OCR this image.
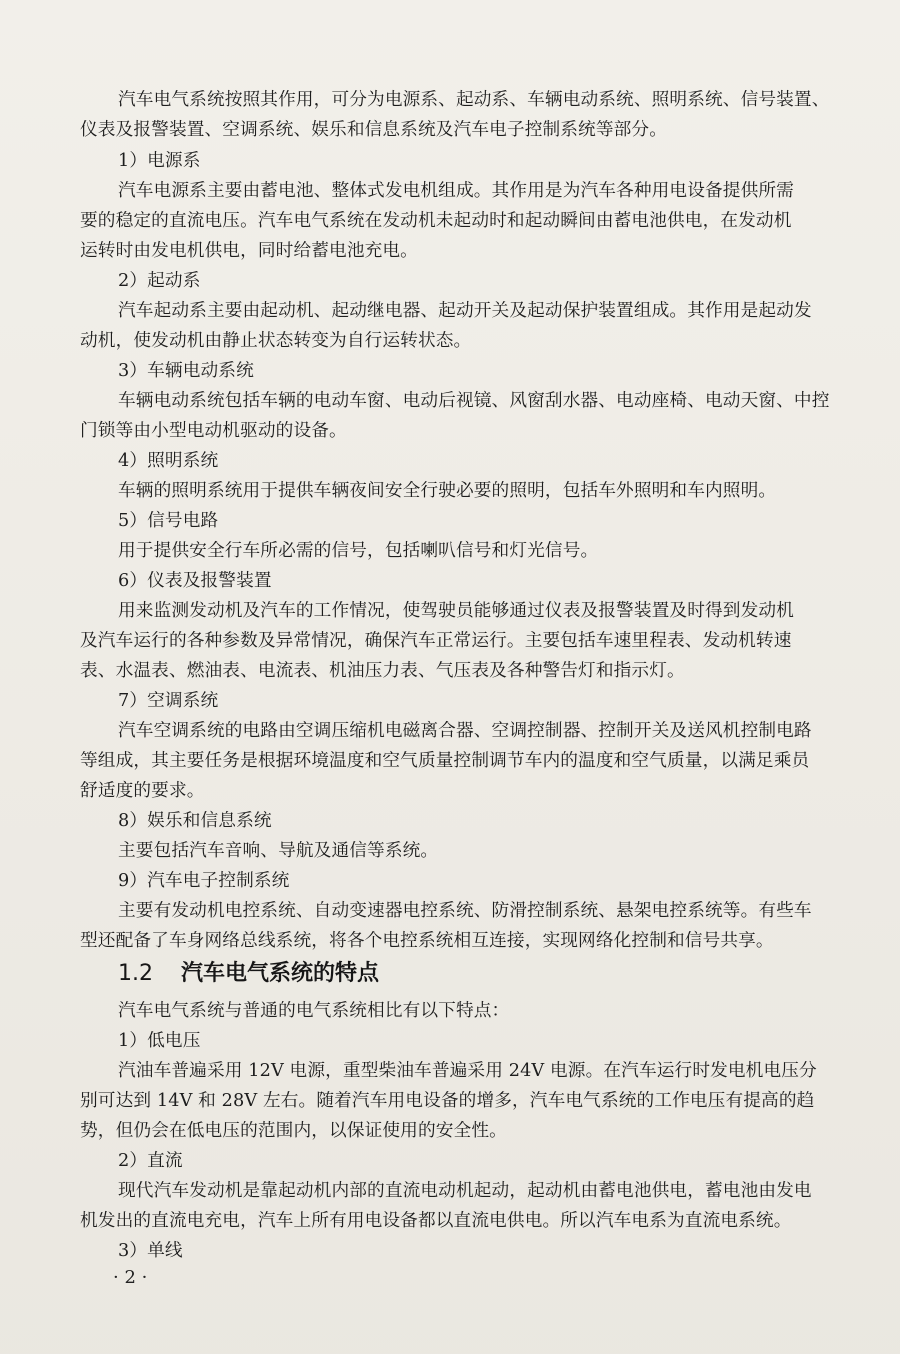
汽车电气系统按照其作用，可分为电源系、起动系、车辆电动系统、照明系统、信号装置、
仪表及报警装置、空调系统、娱乐和信息系统及汽车电子控制系统等部分。
1）电源系
汽车电源系主要由蓄电池、整体式发电机组成。其作用是为汽车各种用电设备提供所需
要的稳定的直流电压。汽车电气系统在发动机未起动时和起动瞬间由蓄电池供电，在发动机
运转时由发电机供电，同时给蓄电池充电。
2）起动系
汽车起动系主要由起动机、起动继电器、起动开关及起动保护装置组成。其作用是起动发
动机，使发动机由静止状态转变为自行运转状态。
3）车辆电动系统
车辆电动系统包括车辆的电动车窗、电动后视镜、风窗刮水器、电动座椅、电动天窗、中控
门锁等由小型电动机驱动的设备。
4）照明系统
车辆的照明系统用于提供车辆夜间安全行驶必要的照明，包括车外照明和车内照明。
5）信号电路
用于提供安全行车所必需的信号，包括喇叭信号和灯光信号。
6）仪表及报警装置
用来监测发动机及汽车的工作情况，使驾驶员能够通过仪表及报警装置及时得到发动机
及汽车运行的各种参数及异常情况，确保汽车正常运行。主要包括车速里程表、发动机转速
表、水温表、燃油表、电流表、机油压力表、气压表及各种警告灯和指示灯。
7）空调系统
汽车空调系统的电路由空调压缩机电磁离合器、空调控制器、控制开关及送风机控制电路
等组成，其主要任务是根据环境温度和空气质量控制调节车内的温度和空气质量，以满足乘员
舒适度的要求。
8）娱乐和信息系统
主要包括汽车音响、导航及通信等系统。
9）汽车电子控制系统
主要有发动机电控系统、自动变速器电控系统、防滑控制系统、悬架电控系统等。有些车
型还配备了车身网络总线系统，将各个电控系统相互连接，实现网络化控制和信号共享。
1.2 汽车电气系统的特点
汽车电气系统与普通的电气系统相比有以下特点：
1）低电压
汽油车普遍采用 12V 电源，重型柴油车普遍采用 24V 电源。在汽车运行时发电机电压分
别可达到 14V 和 28V 左右。随着汽车用电设备的增多，汽车电气系统的工作电压有提高的趋
势，但仍会在低电压的范围内，以保证使用的安全性。
2）直流
现代汽车发动机是靠起动机内部的直流电动机起动，起动机由蓄电池供电，蓄电池由发电
机发出的直流电充电，汽车上所有用电设备都以直流电供电。所以汽车电系为直流电系统。
3）单线
· 2 ·
